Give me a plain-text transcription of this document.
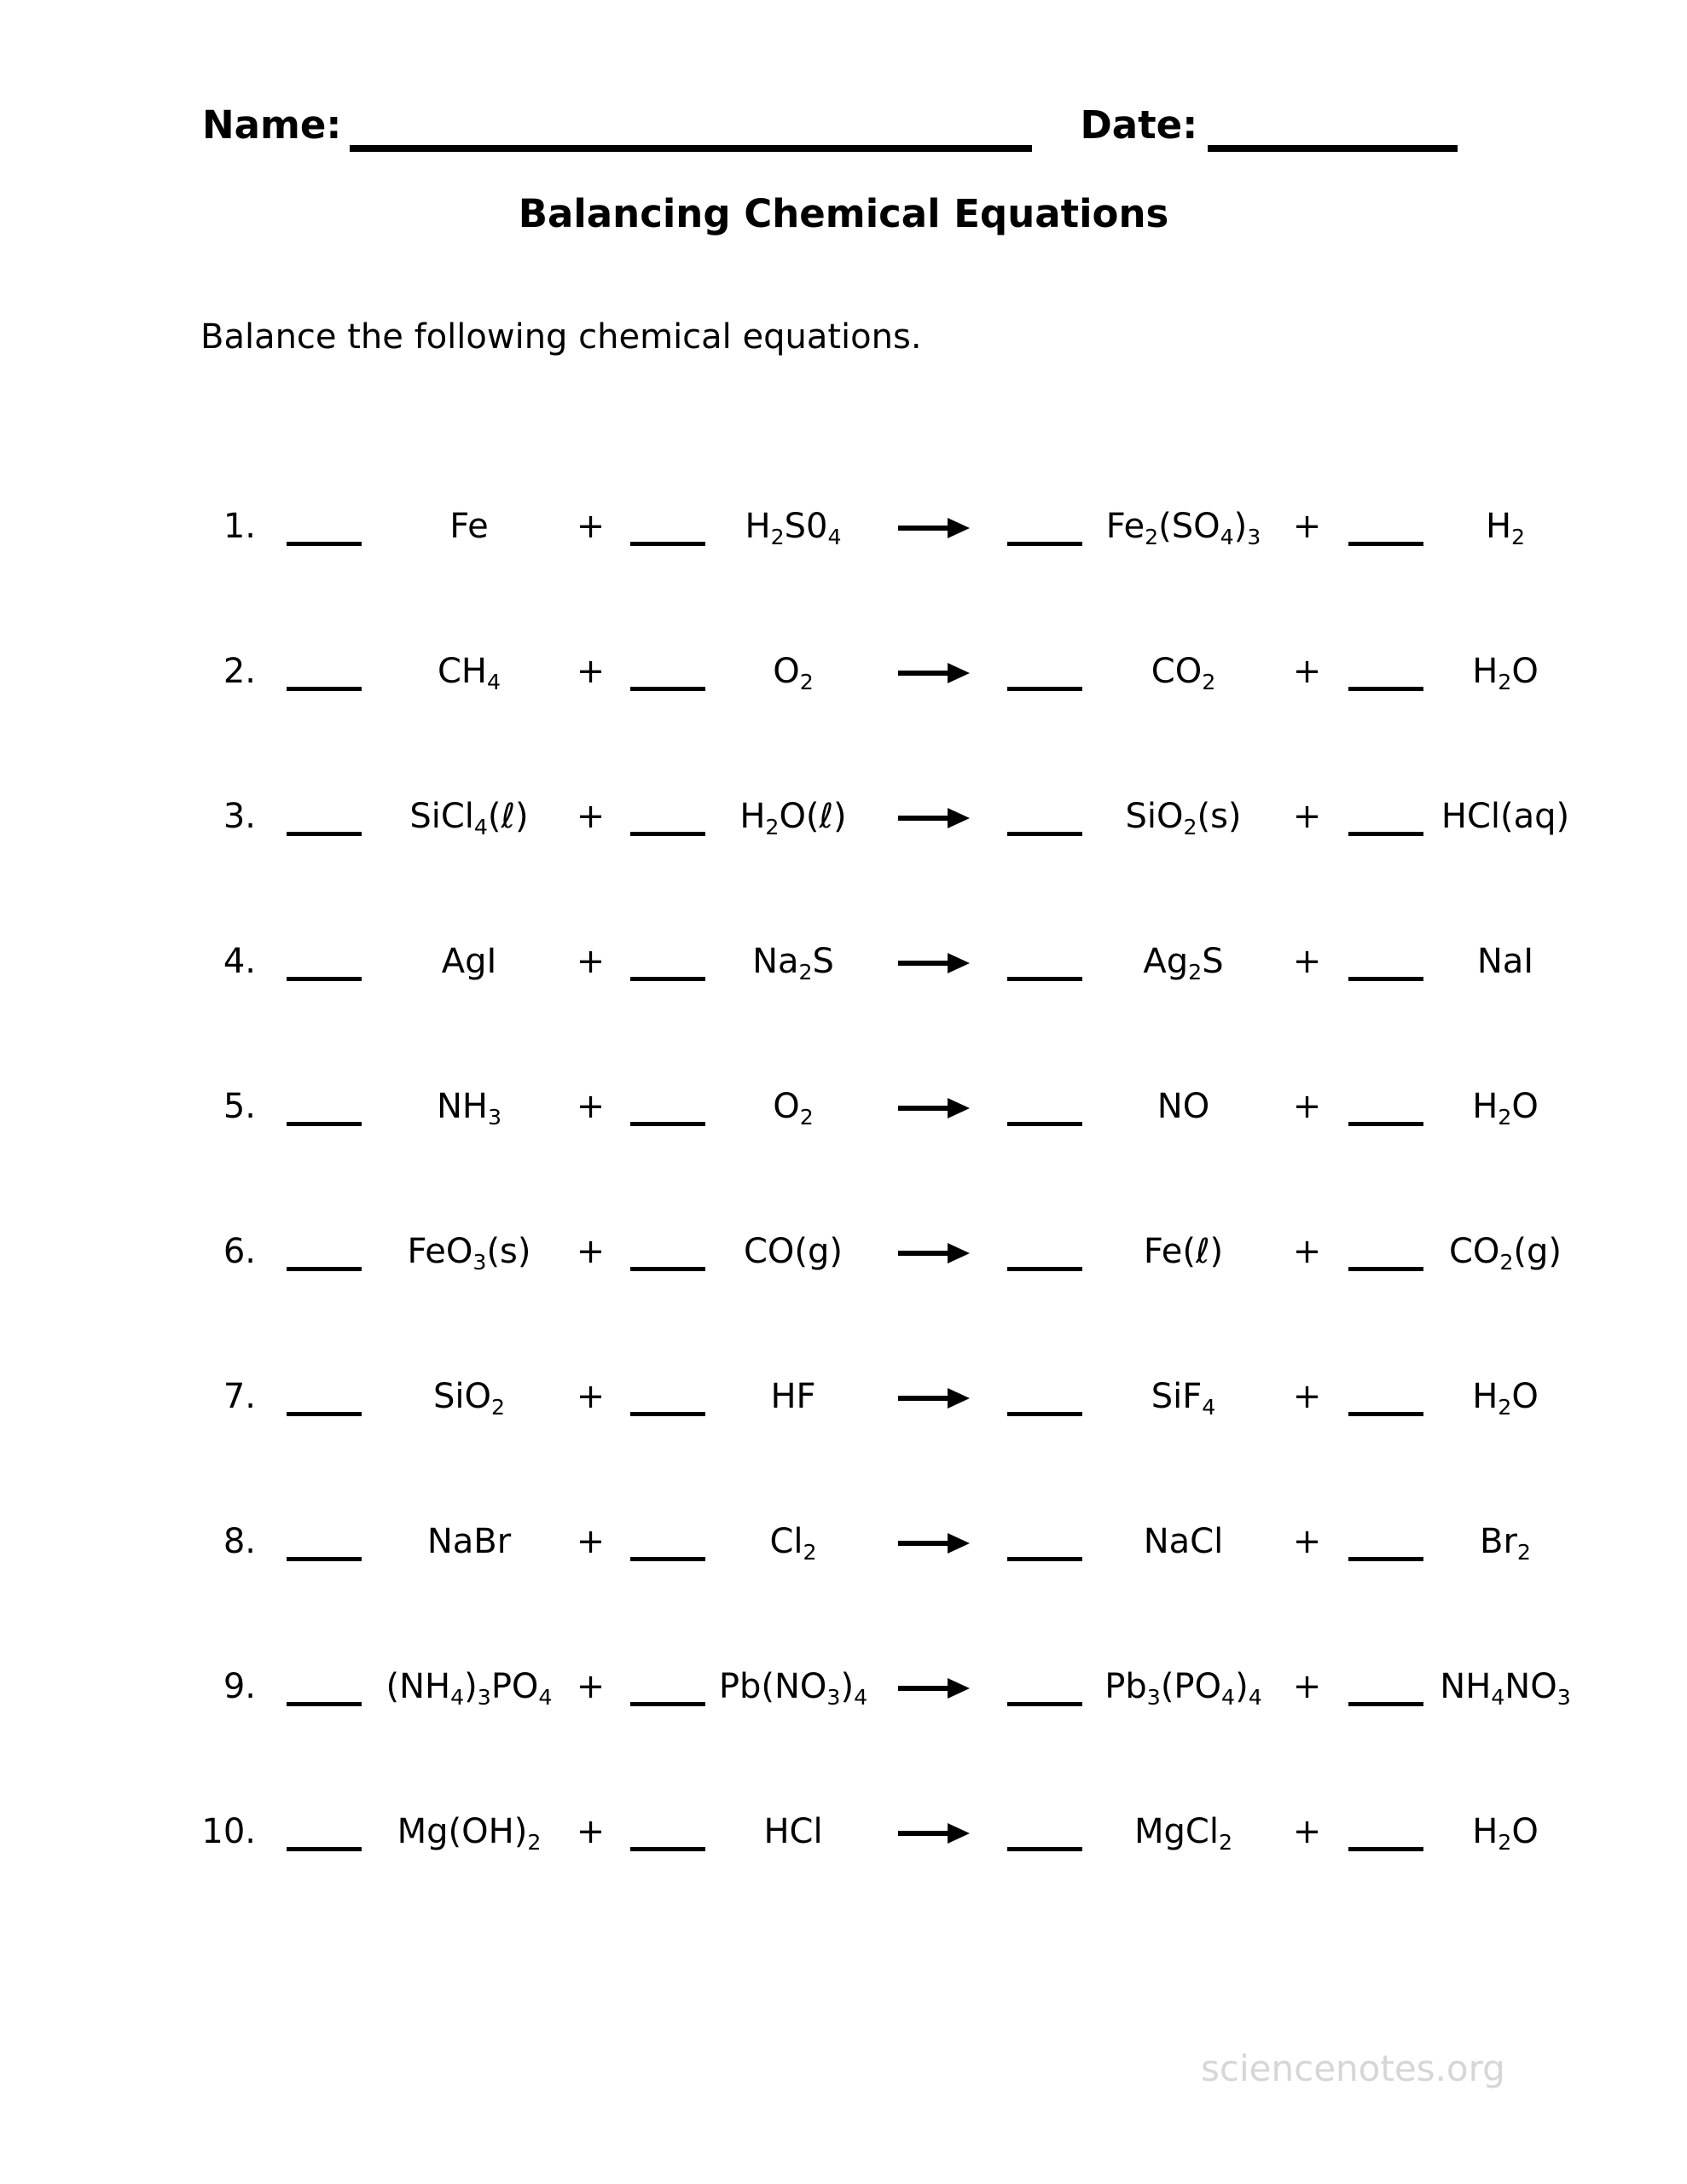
Name:	Date:
Balancing Chemical Equations
Balance the following chemical equations.
1.	Fe	+	H2S04	Fe2(SO4)3 +	H2
2.	CH4	+	O2	CO2	+	H2O
3.	SiCl4(ℓ)	+	H2O(ℓ)	SiO2(s)	+	HCl(aq)
4.	AgI	+	Na2S	Ag2S	+	NaI
5.	NH3	+	O2	NO	+	H2O
6.	FeO3(s)	+	CO(g)	Fe(ℓ)	+	CO2(g)
7.	SiO2	+	HF	SiF4	+	H2O
8.	NaBr	+	Cl2	NaCl	+	Br2
9.	(NH4)3PO4 +	Pb(NO3)4	Pb3(PO4)4 +	NH4NO3
10.	Mg(OH)2	+	HCl	MgCl2	+	H2O
sciencenotes.org
